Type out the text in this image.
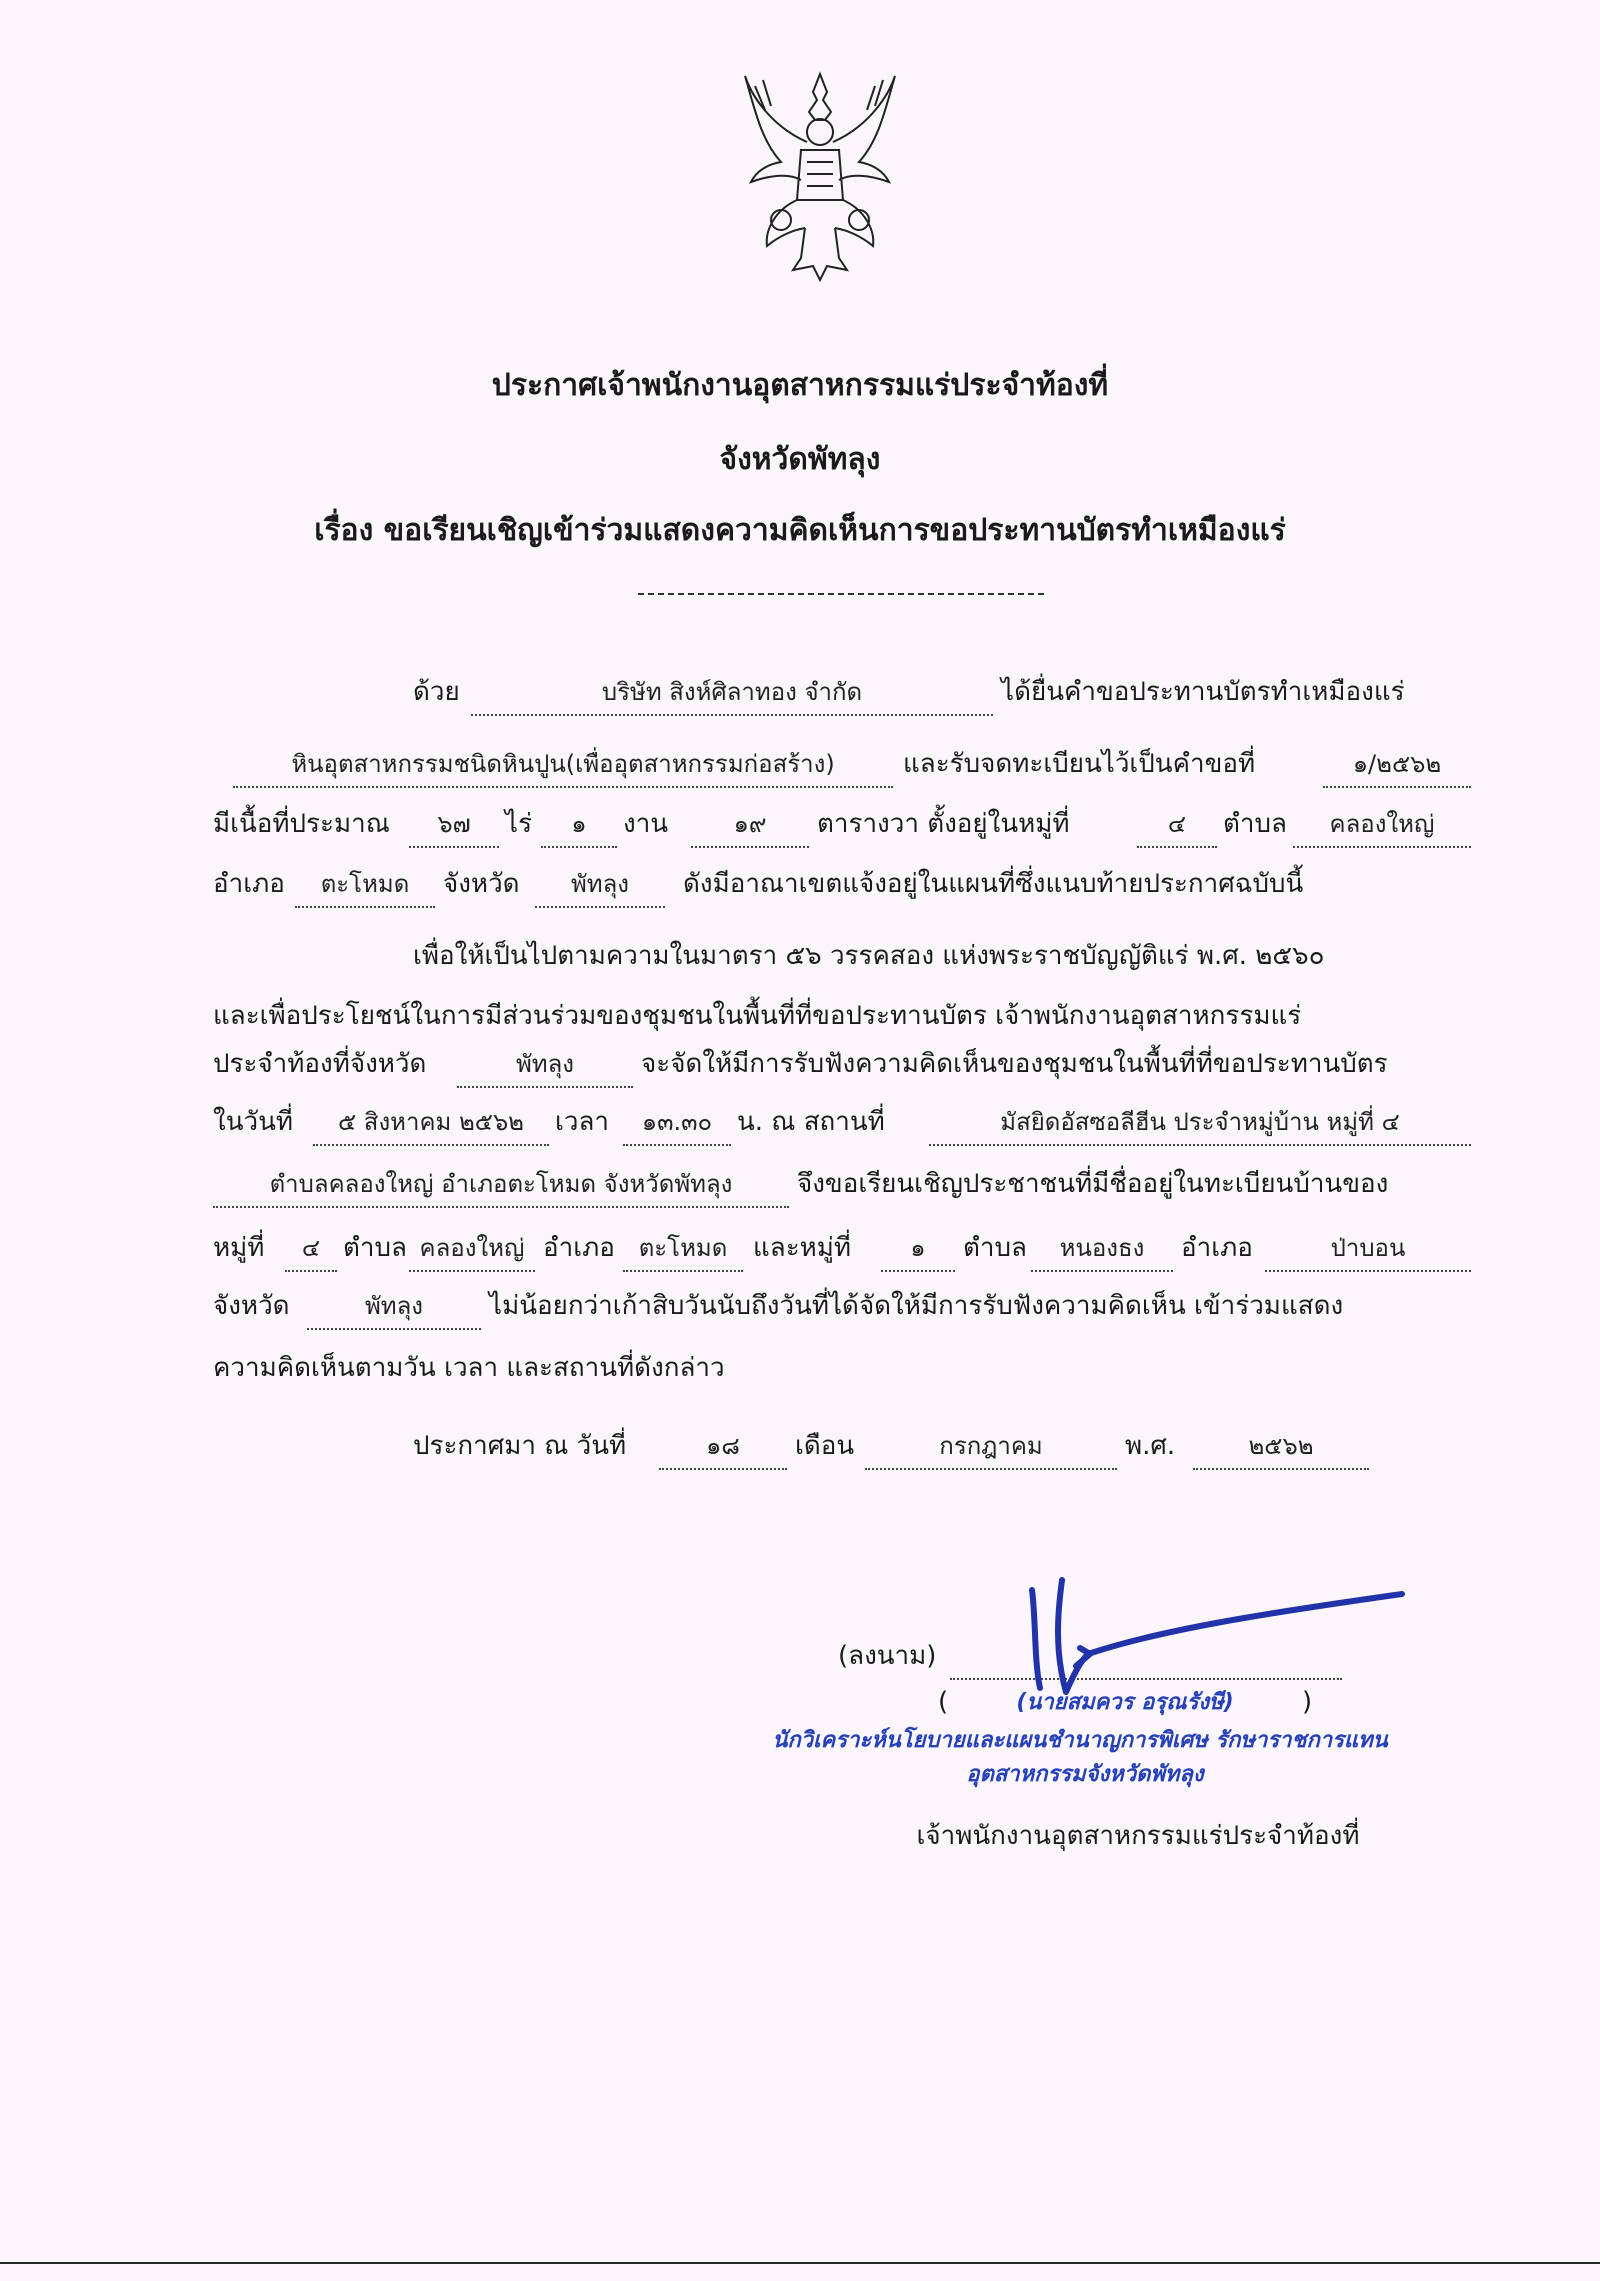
ประกาศเจ้าพนักงานอุตสาหกรรมแร่ประจำท้องที่
จังหวัดพัทลุง
เรื่อง ขอเรียนเชิญเข้าร่วมแสดงความคิดเห็นการขอประทานบัตรทำเหมืองแร่
ด้วย	บริษัท สิงห์ศิลาทอง จำกัด	ได้ยื่นคำขอประทานบัตรทำเหมืองแร่
หินอุตสาหกรรมชนิดหินปูน(เพื่ออุตสาหกรรมก่อสร้าง)	และรับจดทะเบียนไว้เป็นคำขอที่	๑/๒๕๖๒
มีเนื้อที่ประมาณ	๖๗	ไร่	๑	งาน	๑๙	ตารางวา ตั้งอยู่ในหมู่ที่	๔	ตำบล	คลองใหญ่
อำเภอ	ตะโหมด	จังหวัด	พัทลุง	ดังมีอาณาเขตแจ้งอยู่ในแผนที่ซึ่งแนบท้ายประกาศฉบับนี้
เพื่อให้เป็นไปตามความในมาตรา ๕๖ วรรคสอง แห่งพระราชบัญญัติแร่ พ.ศ. ๒๕๖๐
และเพื่อประโยชน์ในการมีส่วนร่วมของชุมชนในพื้นที่ที่ขอประทานบัตร เจ้าพนักงานอุตสาหกรรมแร่
ประจำท้องที่จังหวัด	พัทลุง	จะจัดให้มีการรับฟังความคิดเห็นของชุมชนในพื้นที่ที่ขอประทานบัตร
ในวันที่	๕ สิงหาคม ๒๕๖๒	เวลา	๑๓.๓๐ น. ณ สถานที่	มัสยิดอัสซอลีฮีน ประจำหมู่บ้าน หมู่ที่ ๔
ตำบลคลองใหญ่ อำเภอตะโหมด จังหวัดพัทลุง	จึงขอเรียนเชิญประชาชนที่มีชื่ออยู่ในทะเบียนบ้านของ
หมู่ที่	๔ ตำบล คลองใหญ่ อำเภอ ตะโหมด และหมู่ที่	๑	ตำบล	หนองธง	อำเภอ	ป่าบอน
จังหวัด	พัทลุง	ไม่น้อยกว่าเก้าสิบวันนับถึงวันที่ได้จัดให้มีการรับฟังความคิดเห็น เข้าร่วมแสดง
ความคิดเห็นตามวัน เวลา และสถานที่ดังกล่าว
ประกาศมา ณ วันที่	๑๘	เดือน	กรกฎาคม	พ.ศ.	๒๕๖๒
(ลงนาม)
(	)
(นายสมควร อรุณรังษี)
นักวิเคราะห์นโยบายและแผนชำนาญการพิเศษ รักษาราชการแทน
อุตสาหกรรมจังหวัดพัทลุง
เจ้าพนักงานอุตสาหกรรมแร่ประจำท้องที่
